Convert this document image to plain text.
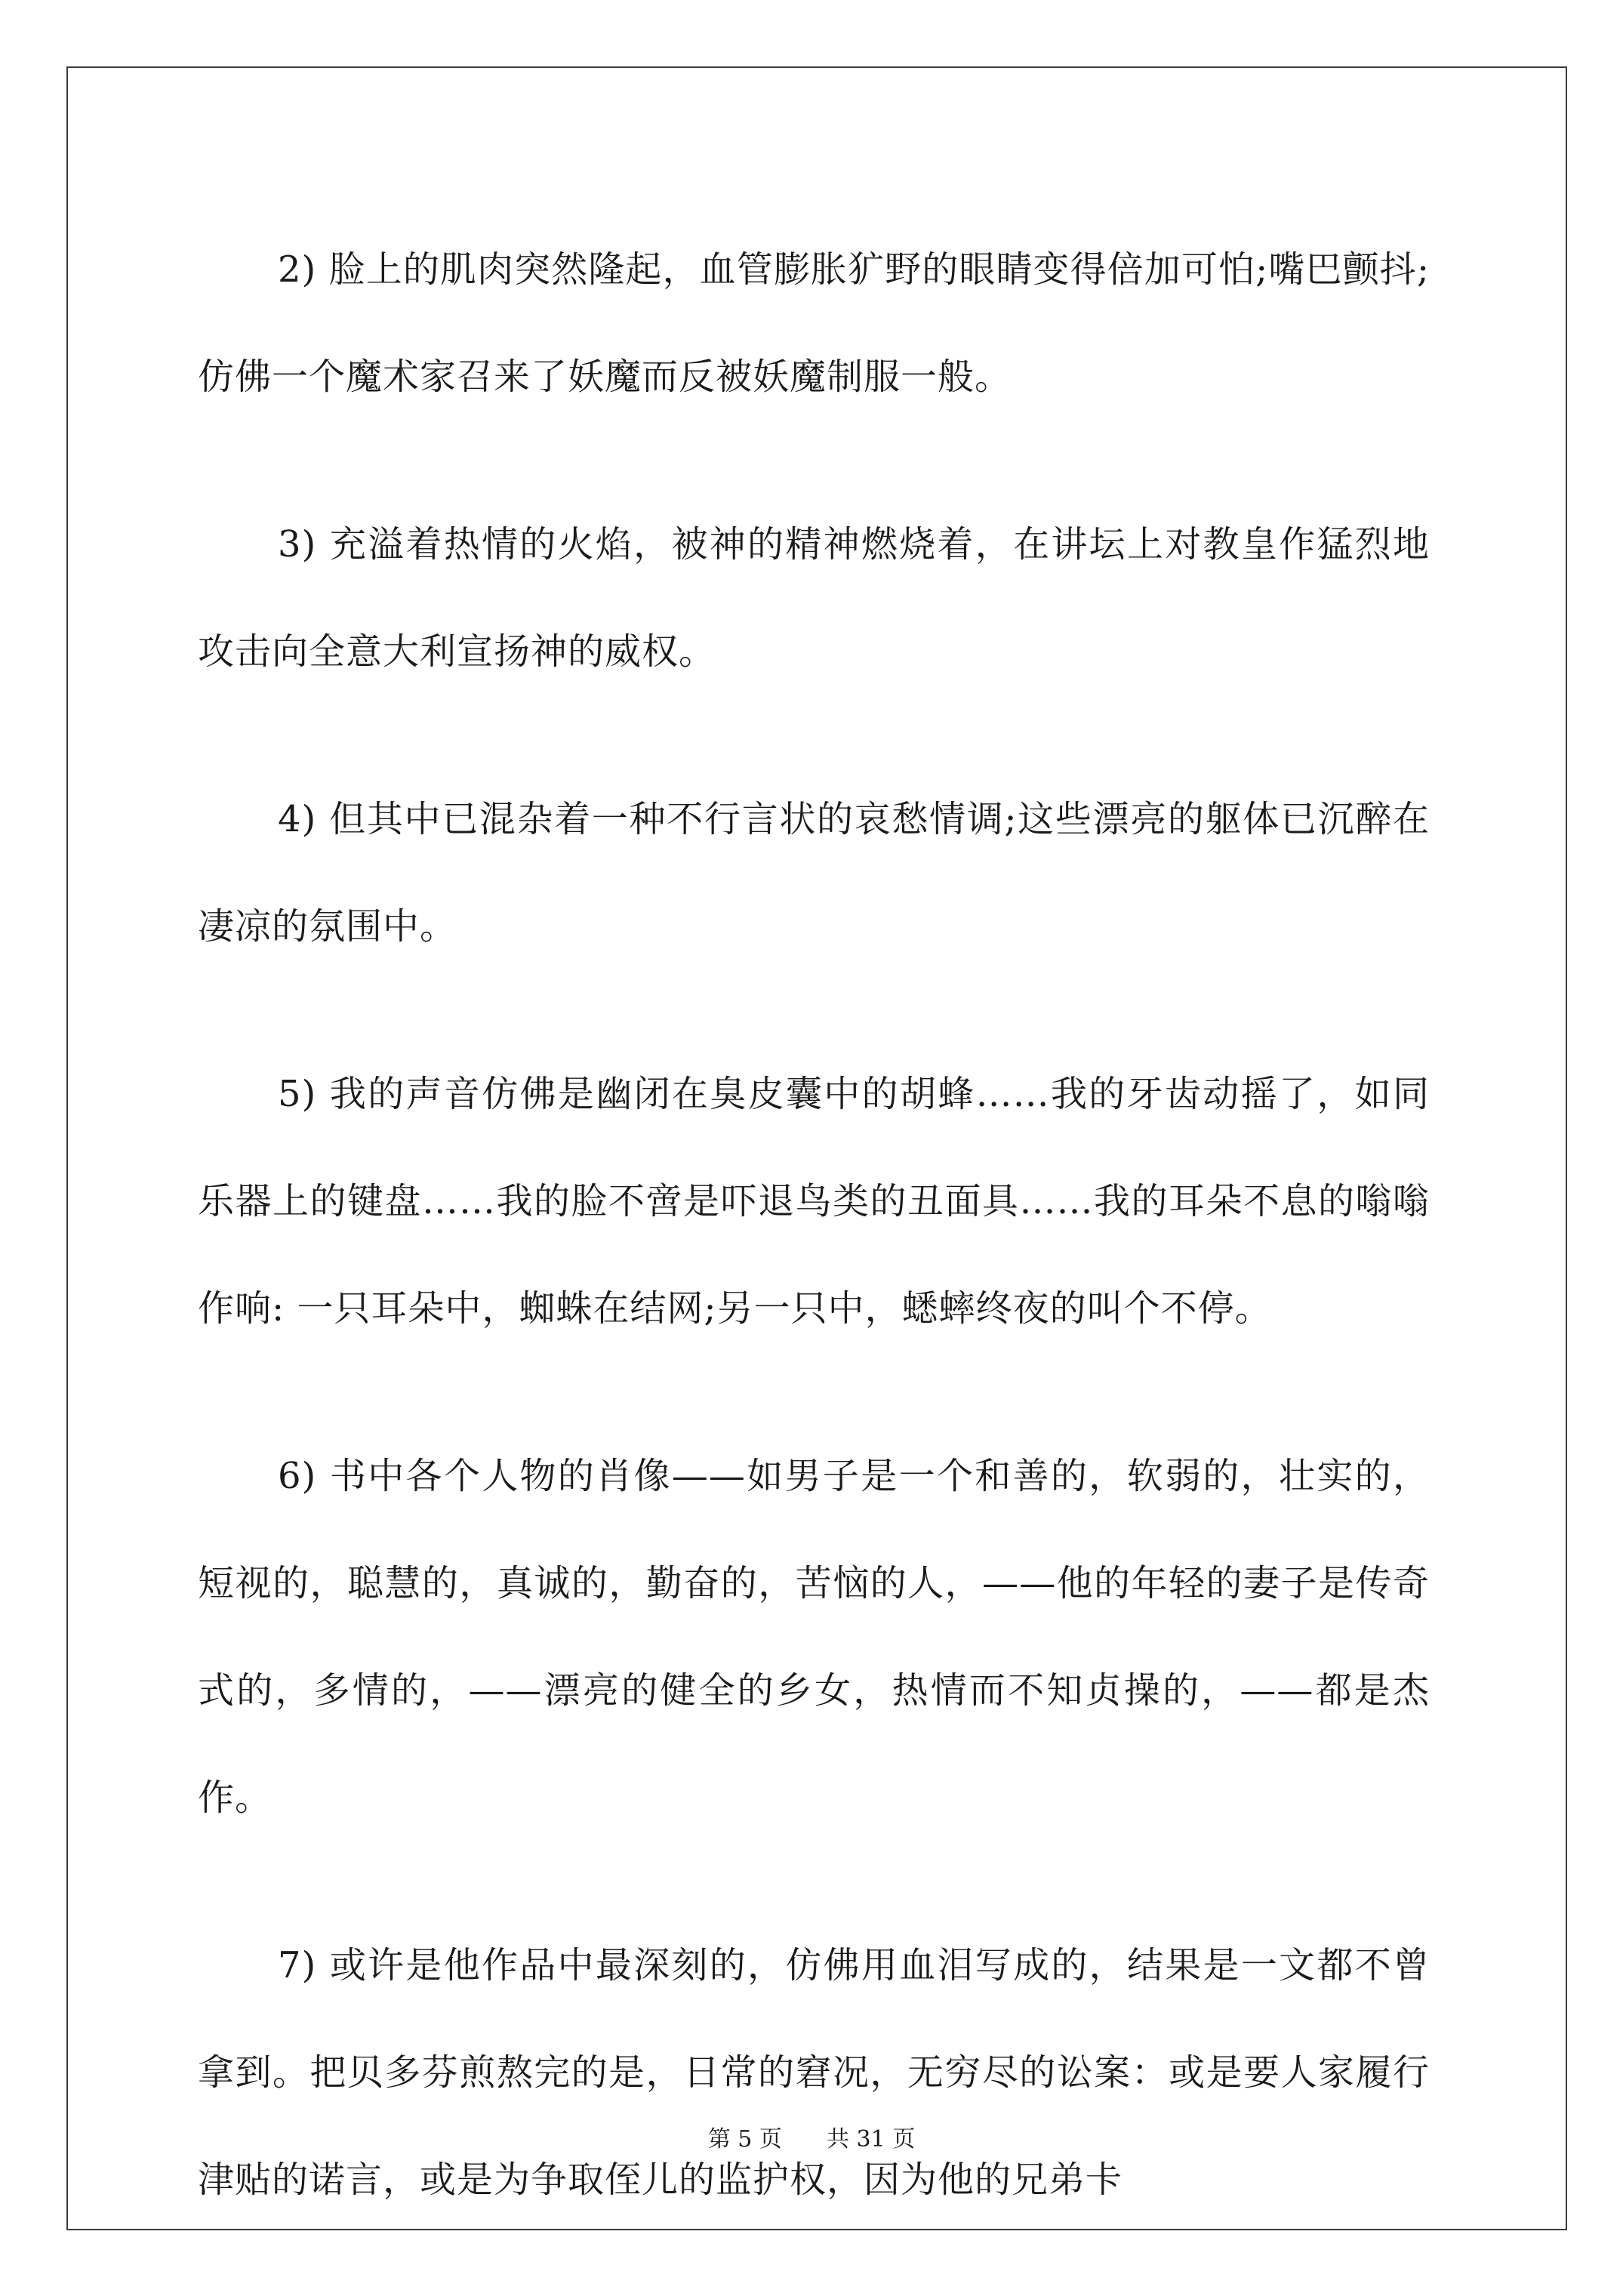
2) 脸上的肌肉突然隆起，血管膨胀犷野的眼睛变得倍加可怕;嘴巴颤抖;仿佛一个魔术家召来了妖魔而反被妖魔制服一般。

3) 充溢着热情的火焰，被神的精神燃烧着，在讲坛上对教皇作猛烈地攻击向全意大利宣扬神的威权。

4) 但其中已混杂着一种不行言状的哀愁情调;这些漂亮的躯体已沉醉在凄凉的氛围中。

5) 我的声音仿佛是幽闭在臭皮囊中的胡蜂……我的牙齿动摇了，如同乐器上的键盘……我的脸不啻是吓退鸟类的丑面具……我的耳朵不息的嗡嗡作响: 一只耳朵中，蜘蛛在结网;另一只中，蟋蟀终夜的叫个不停。

6) 书中各个人物的肖像——如男子是一个和善的，软弱的，壮实的，短视的，聪慧的，真诚的，勤奋的，苦恼的人，——他的年轻的妻子是传奇式的，多情的，——漂亮的健全的乡女，热情而不知贞操的，——都是杰作。

7) 或许是他作品中最深刻的，仿佛用血泪写成的，结果是一文都不曾拿到。把贝多芬煎熬完的是，日常的窘况，无穷尽的讼案：或是要人家履行津贴的诺言，或是为争取侄儿的监护权，因为他的兄弟卡

第 5 页 共 31 页
